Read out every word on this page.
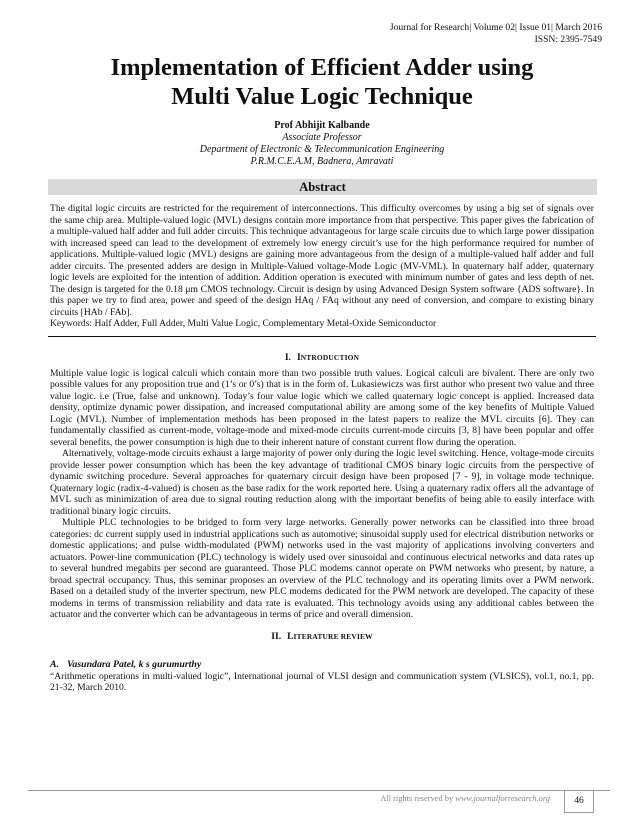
Journal for Research| Volume 02| Issue 01| March 2016
ISSN: 2395-7549
Implementation of Efficient Adder using
Multi Value Logic Technique
Prof Abhijit Kalbande
Associate Professor
Department of Electronic & Telecommunication Engineering
P.R.M.C.E.A.M, Badnera, Amravati
Abstract

The digital logic circuits are restricted for the requirement of interconnections. This difficulty overcomes by using a big set of signals over the same chip area. Multiple-valued logic (MVL) designs contain more importance from that perspective. This paper gives the fabrication of a multiple-valued half adder and full adder circuits. This technique advantageous for large scale circuits due to which large power dissipation with increased speed can lead to the development of extremely low energy circuit’s use for the high performance required for number of applications. Multiple-valued logic (MVL) designs are gaining more advantageous from the design of a multiple-valued half adder and full adder circuits. The presented adders are design in Multiple-Valued voltage-Mode Logic (MV-VML). In quaternary half adder, quaternary logic levels are exploited for the intention of addition. Addition operation is executed with minimum number of gates and less depth of net. The design is targeted for the 0.18 μm CMOS technology. Circuit is design by using Advanced Design System software {ADS software}. In this paper we try to find area, power and speed of the design HAq / FAq without any need of conversion, and compare to existing binary circuits [HAb / FAb].

Keywords: Half Adder, Full Adder, Multi Value Logic, Complementary Metal-Oxide Semiconductor

I. INTRODUCTION

Multiple value logic is logical calculi which contain more than two possible truth values. Logical calculi are bivalent. There are only two possible values for any proposition true and (1’s or 0’s) that is in the form of. Lukasiewiczs was first author who present two value and three value logic. i.e (True, false and unknown). Today’s four value logic which we called quaternary logic concept is applied. Increased data density, optimize dynamic power dissipation, and increased computational ability are among some of the key benefits of Multiple Valued Logic (MVL). Number of implementation methods has been proposed in the latest papers to realize the MVL circuits [6]. They can fundamentally classified as current-mode, voltage-mode and mixed-mode circuits current-mode circuits [3, 8] have been popular and offer several benefits, the power consumption is high due to their inherent nature of constant current flow during the operation.

Alternatively, voltage-mode circuits exhaust a large majority of power only during the logic level switching. Hence, voltage-mode circuits provide lesser power consumption which has been the key advantage of traditional CMOS binary logic circuits from the perspective of dynamic switching procedure. Several approaches for quaternary circuit design have been proposed [7 - 9], in voltage mode technique. Quaternary logic (radix-4-valued) is chosen as the base radix for the work reported here. Using a quaternary radix offers all the advantage of MVL such as minimization of area due to signal routing reduction along with the important benefits of being able to easily interface with traditional binary logic circuits.

Multiple PLC technologies to be bridged to form very large networks. Generally power networks can be classified into three broad categories: dc current supply used in industrial applications such as automotive; sinusoidal supply used for electrical distribution networks or domestic applications; and pulse width-modulated (PWM) networks used in the vast majority of applications involving converters and actuators. Power-line communication (PLC) technology is widely used over sinusoidal and continuous electrical networks and data rates up to several hundred megabits per second are guaranteed. Those PLC modems cannot operate on PWM networks who present, by nature, a broad spectral occupancy. Thus, this seminar proposes an overview of the PLC technology and its operating limits over a PWM network. Based on a detailed study of the inverter spectrum, new PLC modems dedicated for the PWM network are developed. The capacity of these modems in terms of transmission reliability and data rate is evaluated. This technology avoids using any additional cables between the actuator and the converter which can be advantageous in terms of price and overall dimension.

II. LITERATURE REVIEW
A. Vasundara Patel, k s gurumurthy

“Arithmetic operations in multi-valued logic”, International journal of VLSI design and communication system (VLSICS), vol.1, no.1, pp. 21-32, March 2010.

All rights reserved by www.journalforresearch.org	46
